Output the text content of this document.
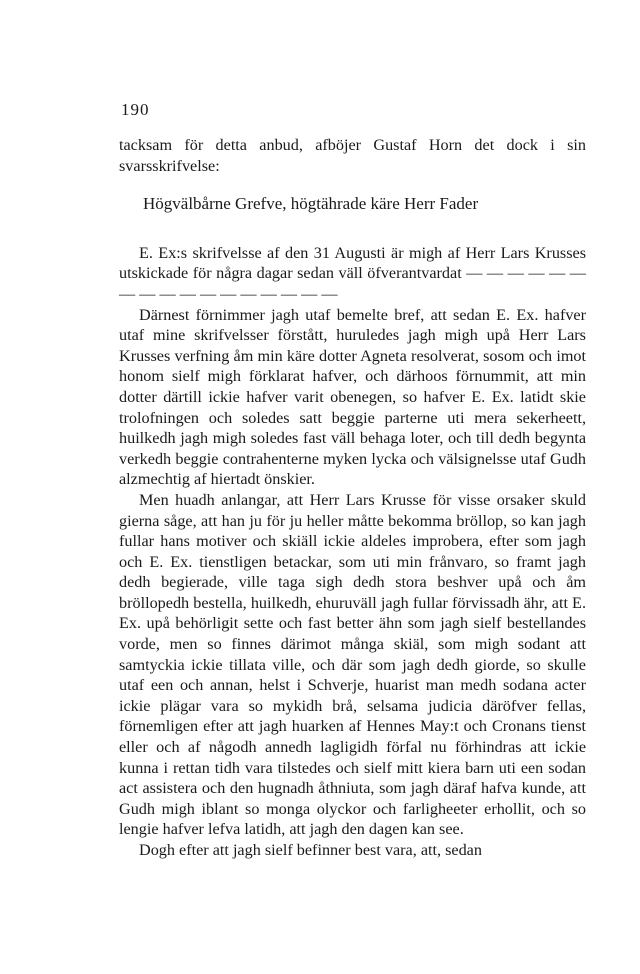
190

tacksam för detta anbud, afböjer Gustaf Horn det dock i sin svarsskrifvelse:

Högvälbårne Grefve, högtährade käre Herr Fader

E. Ex:s skrifvelsse af den 31 Augusti är migh af Herr Lars Krusses utskickade för några dagar sedan väll öfverantvardat — — — — — — — — — — — — — — — — —

Därnest förnimmer jagh utaf bemelte bref, att sedan E. Ex. hafver utaf mine skrifvelsser förstått, huruledes jagh migh upå Herr Lars Krusses verfning åm min käre dotter Agneta resolverat, sosom och imot honom sielf migh förklarat hafver, och därhoos förnummit, att min dotter därtill ickie hafver varit obenegen, so hafver E. Ex. latidt skie trolofningen och soledes satt beggie parterne uti mera sekerheett, huilkedh jagh migh soledes fast väll behaga loter, och till dedh begynta verkedh beggie contrahenterne myken lycka och välsignelsse utaf Gudh alzmechtig af hiertadt önskier.

Men huadh anlangar, att Herr Lars Krusse för visse orsaker skuld gierna såge, att han ju för ju heller måtte bekomma bröllop, so kan jagh fullar hans motiver och skiäll ickie aldeles improbera, efter som jagh och E. Ex. tienstligen betackar, som uti min frånvaro, so framt jagh dedh begierade, ville taga sigh dedh stora beshver upå och åm bröllopedh bestella, huilkedh, ehuruväll jagh fullar förvissadh ähr, att E. Ex. upå behörligit sette och fast better ähn som jagh sielf bestellandes vorde, men so finnes därimot många skiäl, som migh sodant att samtyckia ickie tillata ville, och där som jagh dedh giorde, so skulle utaf een och annan, helst i Schverje, huarist man medh sodana acter ickie plägar vara so mykidh brå, selsama judicia däröfver fellas, förnemligen efter att jagh huarken af Hennes May:t och Cronans tienst eller och af någodh annedh lagligidh förfal nu förhindras att ickie kunna i rettan tidh vara tilstedes och sielf mitt kiera barn uti een sodan act assistera och den hugnadh åthniuta, som jagh däraf hafva kunde, att Gudh migh iblant so monga olyckor och farligheeter erhollit, och so lengie hafver lefva latidh, att jagh den dagen kan see.

Dogh efter att jagh sielf befinner best vara, att, sedan
